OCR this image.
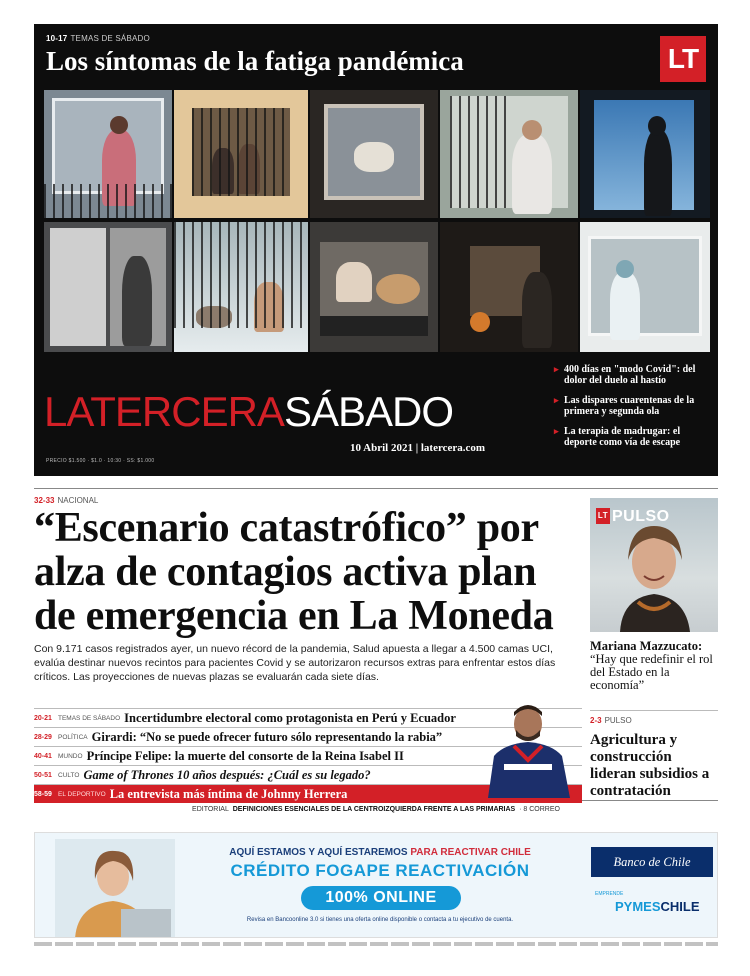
10-17 TEMAS DE SÁBADO
Los síntomas de la fatiga pandémica	LT
LATERCERASÁBADO
10 Abril 2021 | latercera.com
PRECIO $1.500 · $1.0 · 10:30 · SS: $1.000
▸ 400 días en "modo Covid": del dolor del duelo al hastío
▸ Las dispares cuarentenas de la primera y segunda ola
▸ La terapia de madrugar: el deporte como vía de escape
32-33 NACIONAL
“Escenario catastrófico” por alza de contagios activa plan de emergencia en La Moneda

Con 9.171 casos registrados ayer, un nuevo récord de la pandemia, Salud apuesta a llegar a 4.500 camas UCI, evalúa destinar nuevos recintos para pacientes Covid y se autorizaron recursos extras para enfrentar estos días críticos. Las proyecciones de nuevas plazas se evaluarán cada siete días.

20-21 TEMAS DE SÁBADO Incertidumbre electoral como protagonista en Perú y Ecuador
28-29 POLÍTICA Girardi: “No se puede ofrecer futuro sólo representando la rabia”
40-41 MUNDO Príncipe Felipe: la muerte del consorte de la Reina Isabel II
50-51 CULTO Game of Thrones 10 años después: ¿Cuál es su legado?
58-59 EL DEPORTIVO La entrevista más íntima de Johnny Herrera
LT PULSO
Mariana Mazzucato:
“Hay que redefinir el rol del Estado en la economía”
2-3 PULSO
Agricultura y construcción lideran subsidios a contratación
EDITORIAL DEFINICIONES ESENCIALES DE LA CENTROIZQUIERDA FRENTE A LAS PRIMARIAS · 8 CORREO
AQUÍ ESTAMOS Y AQUÍ ESTAREMOS PARA REACTIVAR CHILE
CRÉDITO FOGAPE REACTIVACIÓN
100% ONLINE
Revisa en Bancoonline 3.0 si tienes una oferta online disponible o contacta a tu ejecutivo de cuenta.
Banco de Chile
EMPRENDE
PYMESCHILE
